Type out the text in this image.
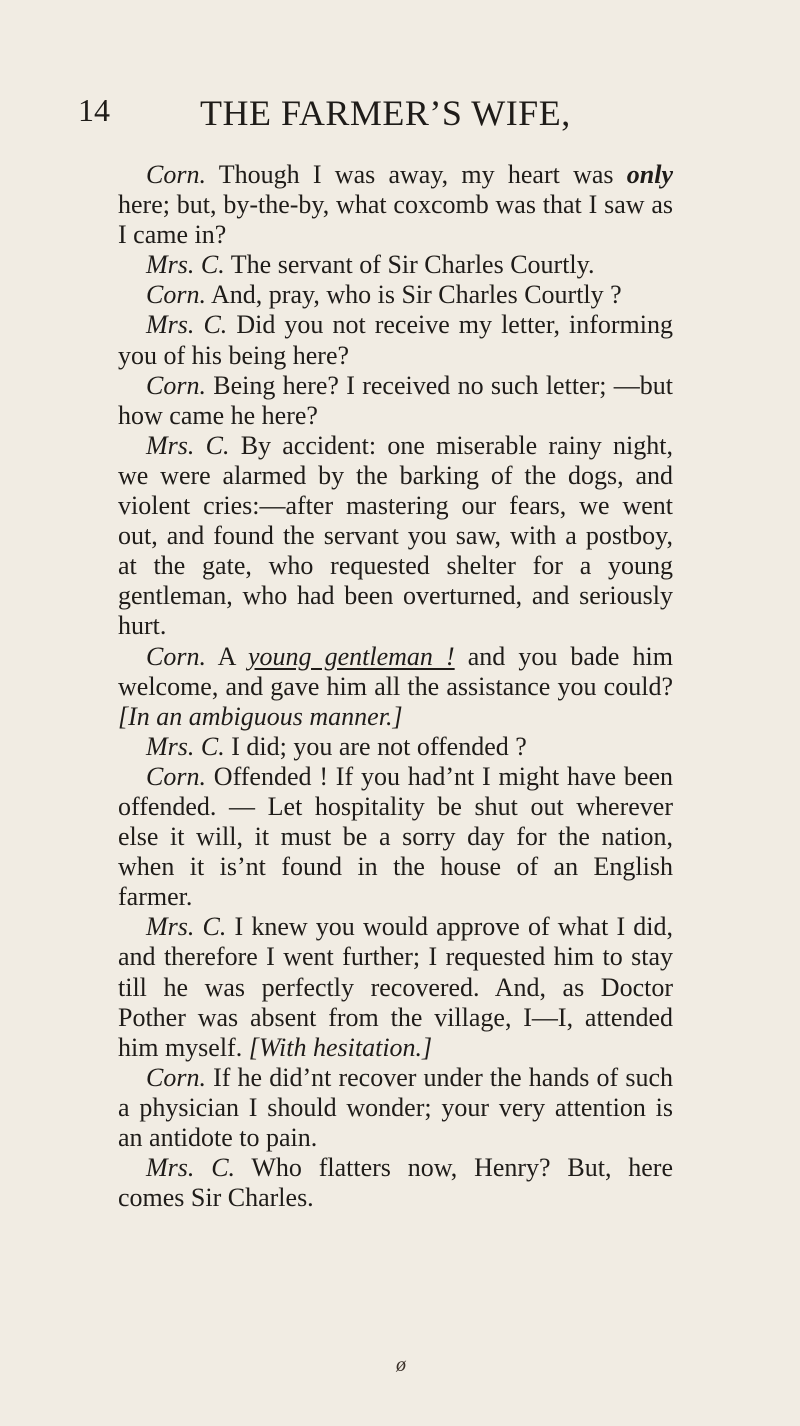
14	THE FARMER’S WIFE,

Corn. Though I was away, my heart was only here; but, by-the-by, what coxcomb was that I saw as I came in?

Mrs. C. The servant of Sir Charles Courtly.

Corn. And, pray, who is Sir Charles Courtly ?

Mrs. C. Did you not receive my letter, informing you of his being here?

Corn. Being here? I received no such letter; —but how came he here?

Mrs. C. By accident: one miserable rainy night, we were alarmed by the barking of the dogs, and violent cries:—after mastering our fears, we went out, and found the servant you saw, with a postboy, at the gate, who requested shelter for a young gentleman, who had been overturned, and seriously hurt.

Corn. A young gentleman ! and you bade him welcome, and gave him all the assistance you could? [In an ambiguous manner.]

Mrs. C. I did; you are not offended ?

Corn. Offended ! If you had’nt I might have been offended. — Let hospitality be shut out wherever else it will, it must be a sorry day for the nation, when it is’nt found in the house of an English farmer.

Mrs. C. I knew you would approve of what I did, and therefore I went further; I requested him to stay till he was perfectly recovered. And, as Doctor Pother was absent from the village, I—I, attended him myself. [With hesitation.]

Corn. If he did’nt recover under the hands of such a physician I should wonder; your very attention is an antidote to pain.

Mrs. C. Who flatters now, Henry? But, here comes Sir Charles.

ø
